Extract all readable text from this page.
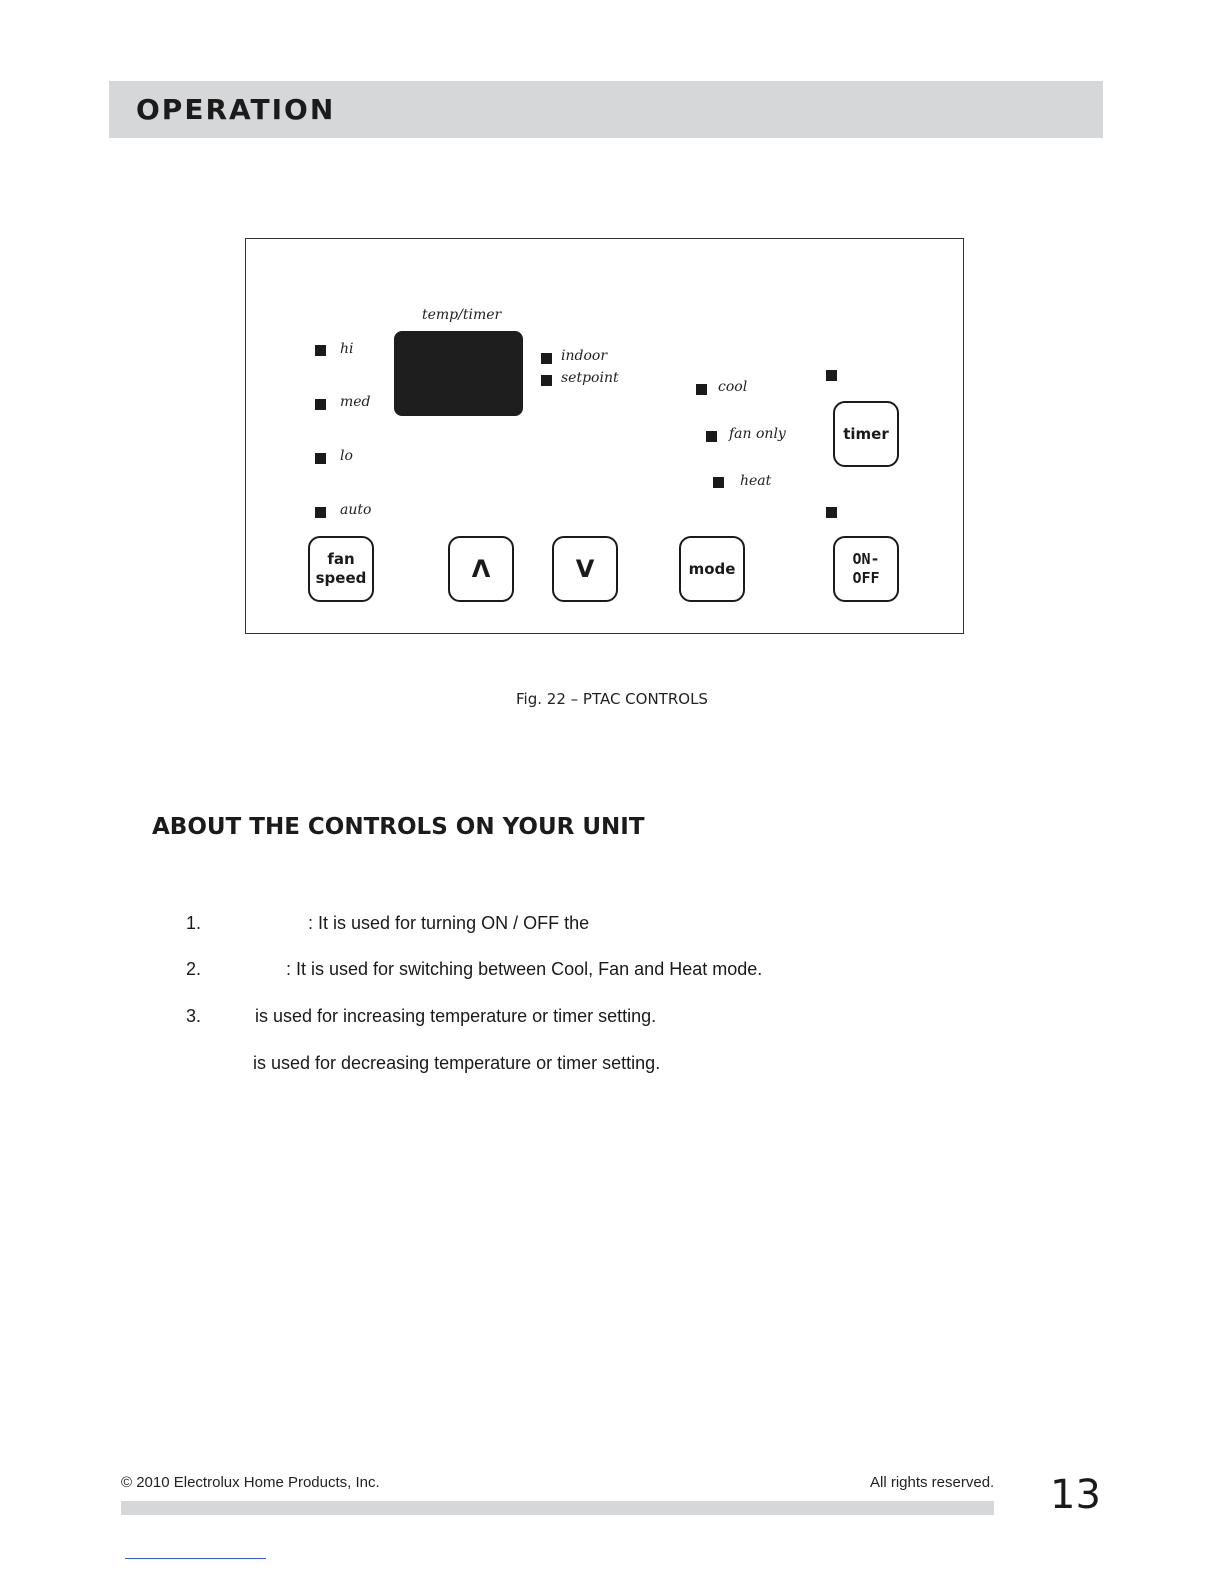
OPERATION
temp/timer
hi
med
lo
auto
indoor
setpoint
cool
fan only
heat
fan
speed	Λ	V	mode
timer
ON-
OFF
Fig. 22 – PTAC CONTROLS
ABOUT THE CONTROLS ON YOUR UNIT
1.	: It is used for turning ON / OFF the
2.	: It is used for switching between Cool, Fan and Heat mode.
3.	is used for increasing temperature or timer setting.
is used for decreasing temperature or timer setting.
© 2010 Electrolux Home Products, Inc.	All rights reserved. 13
